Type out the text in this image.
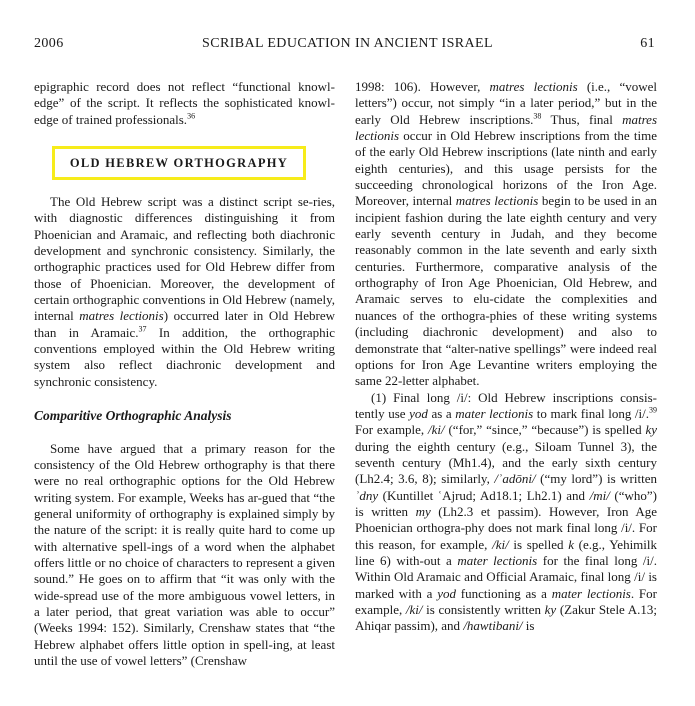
2006	SCRIBAL EDUCATION IN ANCIENT ISRAEL	61

epigraphic record does not reflect “functional knowl-edge” of the script. It reflects the sophisticated knowl-edge of trained professionals.$^{36}$

OLD HEBREW ORTHOGRAPHY

The Old Hebrew script was a distinct script se-ries, with diagnostic differences distinguishing it from Phoenician and Aramaic, and reflecting both diachronic development and synchronic consistency. Similarly, the orthographic practices used for Old Hebrew differ from those of Phoenician. Moreover, the development of certain orthographic conventions in Old Hebrew (namely, internal matres lectionis) occurred later in Old Hebrew than in Aramaic.$^{37}$ In addition, the orthographic conventions employed within the Old Hebrew writing system also reflect diachronic development and synchronic consistency.

Comparitive Orthographic Analysis

Some have argued that a primary reason for the consistency of the Old Hebrew orthography is that there were no real orthographic options for the Old Hebrew writing system. For example, Weeks has ar-gued that “the general uniformity of orthography is explained simply by the nature of the script: it is really quite hard to come up with alternative spell-ings of a word when the alphabet offers little or no choice of characters to represent a given sound.” He goes on to affirm that “it was only with the wide-spread use of the more ambiguous vowel letters, in a later period, that great variation was able to occur” (Weeks 1994: 152). Similarly, Crenshaw states that “the Hebrew alphabet offers little option in spell-ing, at least until the use of vowel letters” (Crenshaw

1998: 106). However, matres lectionis (i.e., “vowel letters”) occur, not simply “in a later period,” but in the early Old Hebrew inscriptions.$^{38}$ Thus, final matres lectionis occur in Old Hebrew inscriptions from the time of the early Old Hebrew inscriptions (late ninth and early eighth centuries), and this usage persists for the succeeding chronological horizons of the Iron Age. Moreover, internal matres lectionis begin to be used in an incipient fashion during the late eighth century and very early seventh century in Judah, and they become reasonably common in the late seventh and early sixth centuries. Furthermore, comparative analysis of the orthography of Iron Age Phoenician, Old Hebrew, and Aramaic serves to elu-cidate the complexities and nuances of the orthogra-phies of these writing systems (including diachronic development) and also to demonstrate that “alter-native spellings” were indeed real options for Iron Age Levantine writers employing the same 22-letter alphabet.

(1) Final long /i/: Old Hebrew inscriptions consis-tently use yod as a mater lectionis to mark final long /i/.$^{39}$ For example, /ki/ (“for,” “since,” “because”) is spelled ky during the eighth century (e.g., Siloam Tunnel 3), the seventh century (Mh1.4), and the early sixth century (Lh2.4; 3.6, 8); similarly, /ʾadōni/ (“my lord”) is written ʾdny (Kuntillet ʿAjrud; Ad18.1; Lh2.1) and /mi/ (“who”) is written my (Lh2.3 et passim). However, Iron Age Phoenician orthogra-phy does not mark final long /i/. For this reason, for example, /ki/ is spelled k (e.g., Yehimilk line 6) with-out a mater lectionis for the final long /i/. Within Old Aramaic and Official Aramaic, final long /i/ is marked with a yod functioning as a mater lectionis. For example, /ki/ is consistently written ky (Zakur Stele A.13; Ahiqar passim), and /hawtibani/ is
